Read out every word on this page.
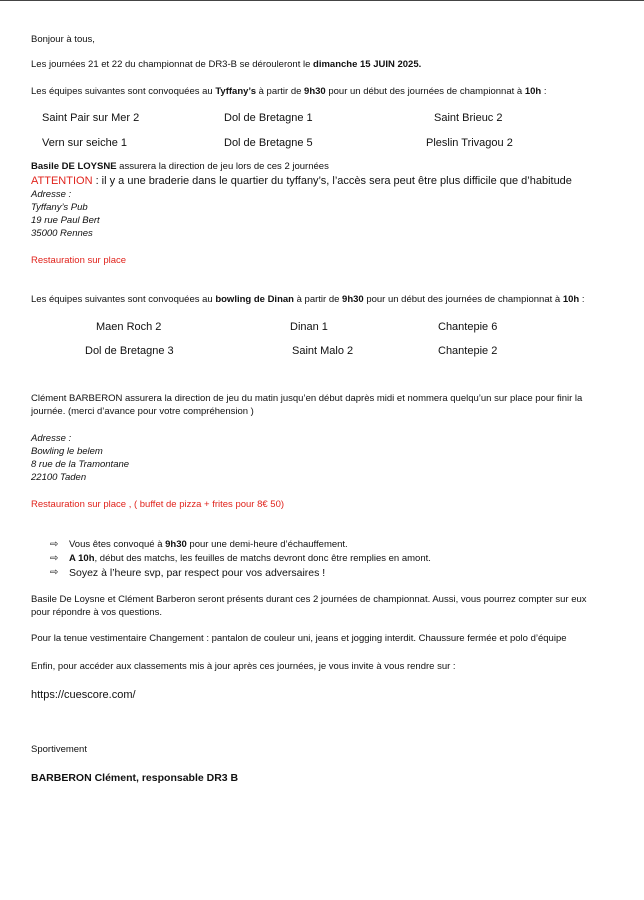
Bonjour à tous,
Les journées 21 et 22 du championnat de DR3-B se dérouleront le dimanche 15 JUIN 2025.
Les équipes suivantes sont convoquées au Tyffany’s à partir de 9h30 pour un début des journées de championnat à 10h :
Saint Pair sur Mer 2	Dol de Bretagne 1	Saint Brieuc 2
Vern sur seiche 1	Dol de Bretagne 5	Pleslin Trivagou 2
Basile DE LOYSNE assurera la direction de jeu lors de ces 2 journées
ATTENTION : il y a une braderie dans le quartier du tyffany’s, l’accès sera peut être plus difficile que d’habitude
Adresse :
Tyffany’s Pub
19 rue Paul Bert
35000 Rennes
Restauration sur place
Les équipes suivantes sont convoquées au bowling de Dinan à partir de 9h30 pour un début des journées de championnat à 10h :
Maen Roch 2	Dinan 1	Chantepie 6
Dol de Bretagne 3	Saint Malo 2	Chantepie 2
Clément BARBERON assurera la direction de jeu du matin jusqu’en début daprès midi et nommera quelqu’un sur place pour finir la
journée. (merci d’avance pour votre compréhension )
Adresse :
Bowling le belem
8 rue de la Tramontane
22100 Taden
Restauration sur place , ( buffet de pizza + frites pour 8€ 50)
⇨ Vous êtes convoqué à 9h30 pour une demi-heure d’échauffement.
⇨ A 10h, début des matchs, les feuilles de matchs devront donc être remplies en amont.
⇨ Soyez à l’heure svp, par respect pour vos adversaires !
Basile De Loysne et Clément Barberon seront présents durant ces 2 journées de championnat. Aussi, vous pourrez compter sur eux
pour répondre à vos questions.
Pour la tenue vestimentaire Changement : pantalon de couleur uni, jeans et jogging interdit. Chaussure fermée et polo d’équipe
Enfin, pour accéder aux classements mis à jour après ces journées, je vous invite à vous rendre sur :
https://cuescore.com/
Sportivement
BARBERON Clément, responsable DR3 B
